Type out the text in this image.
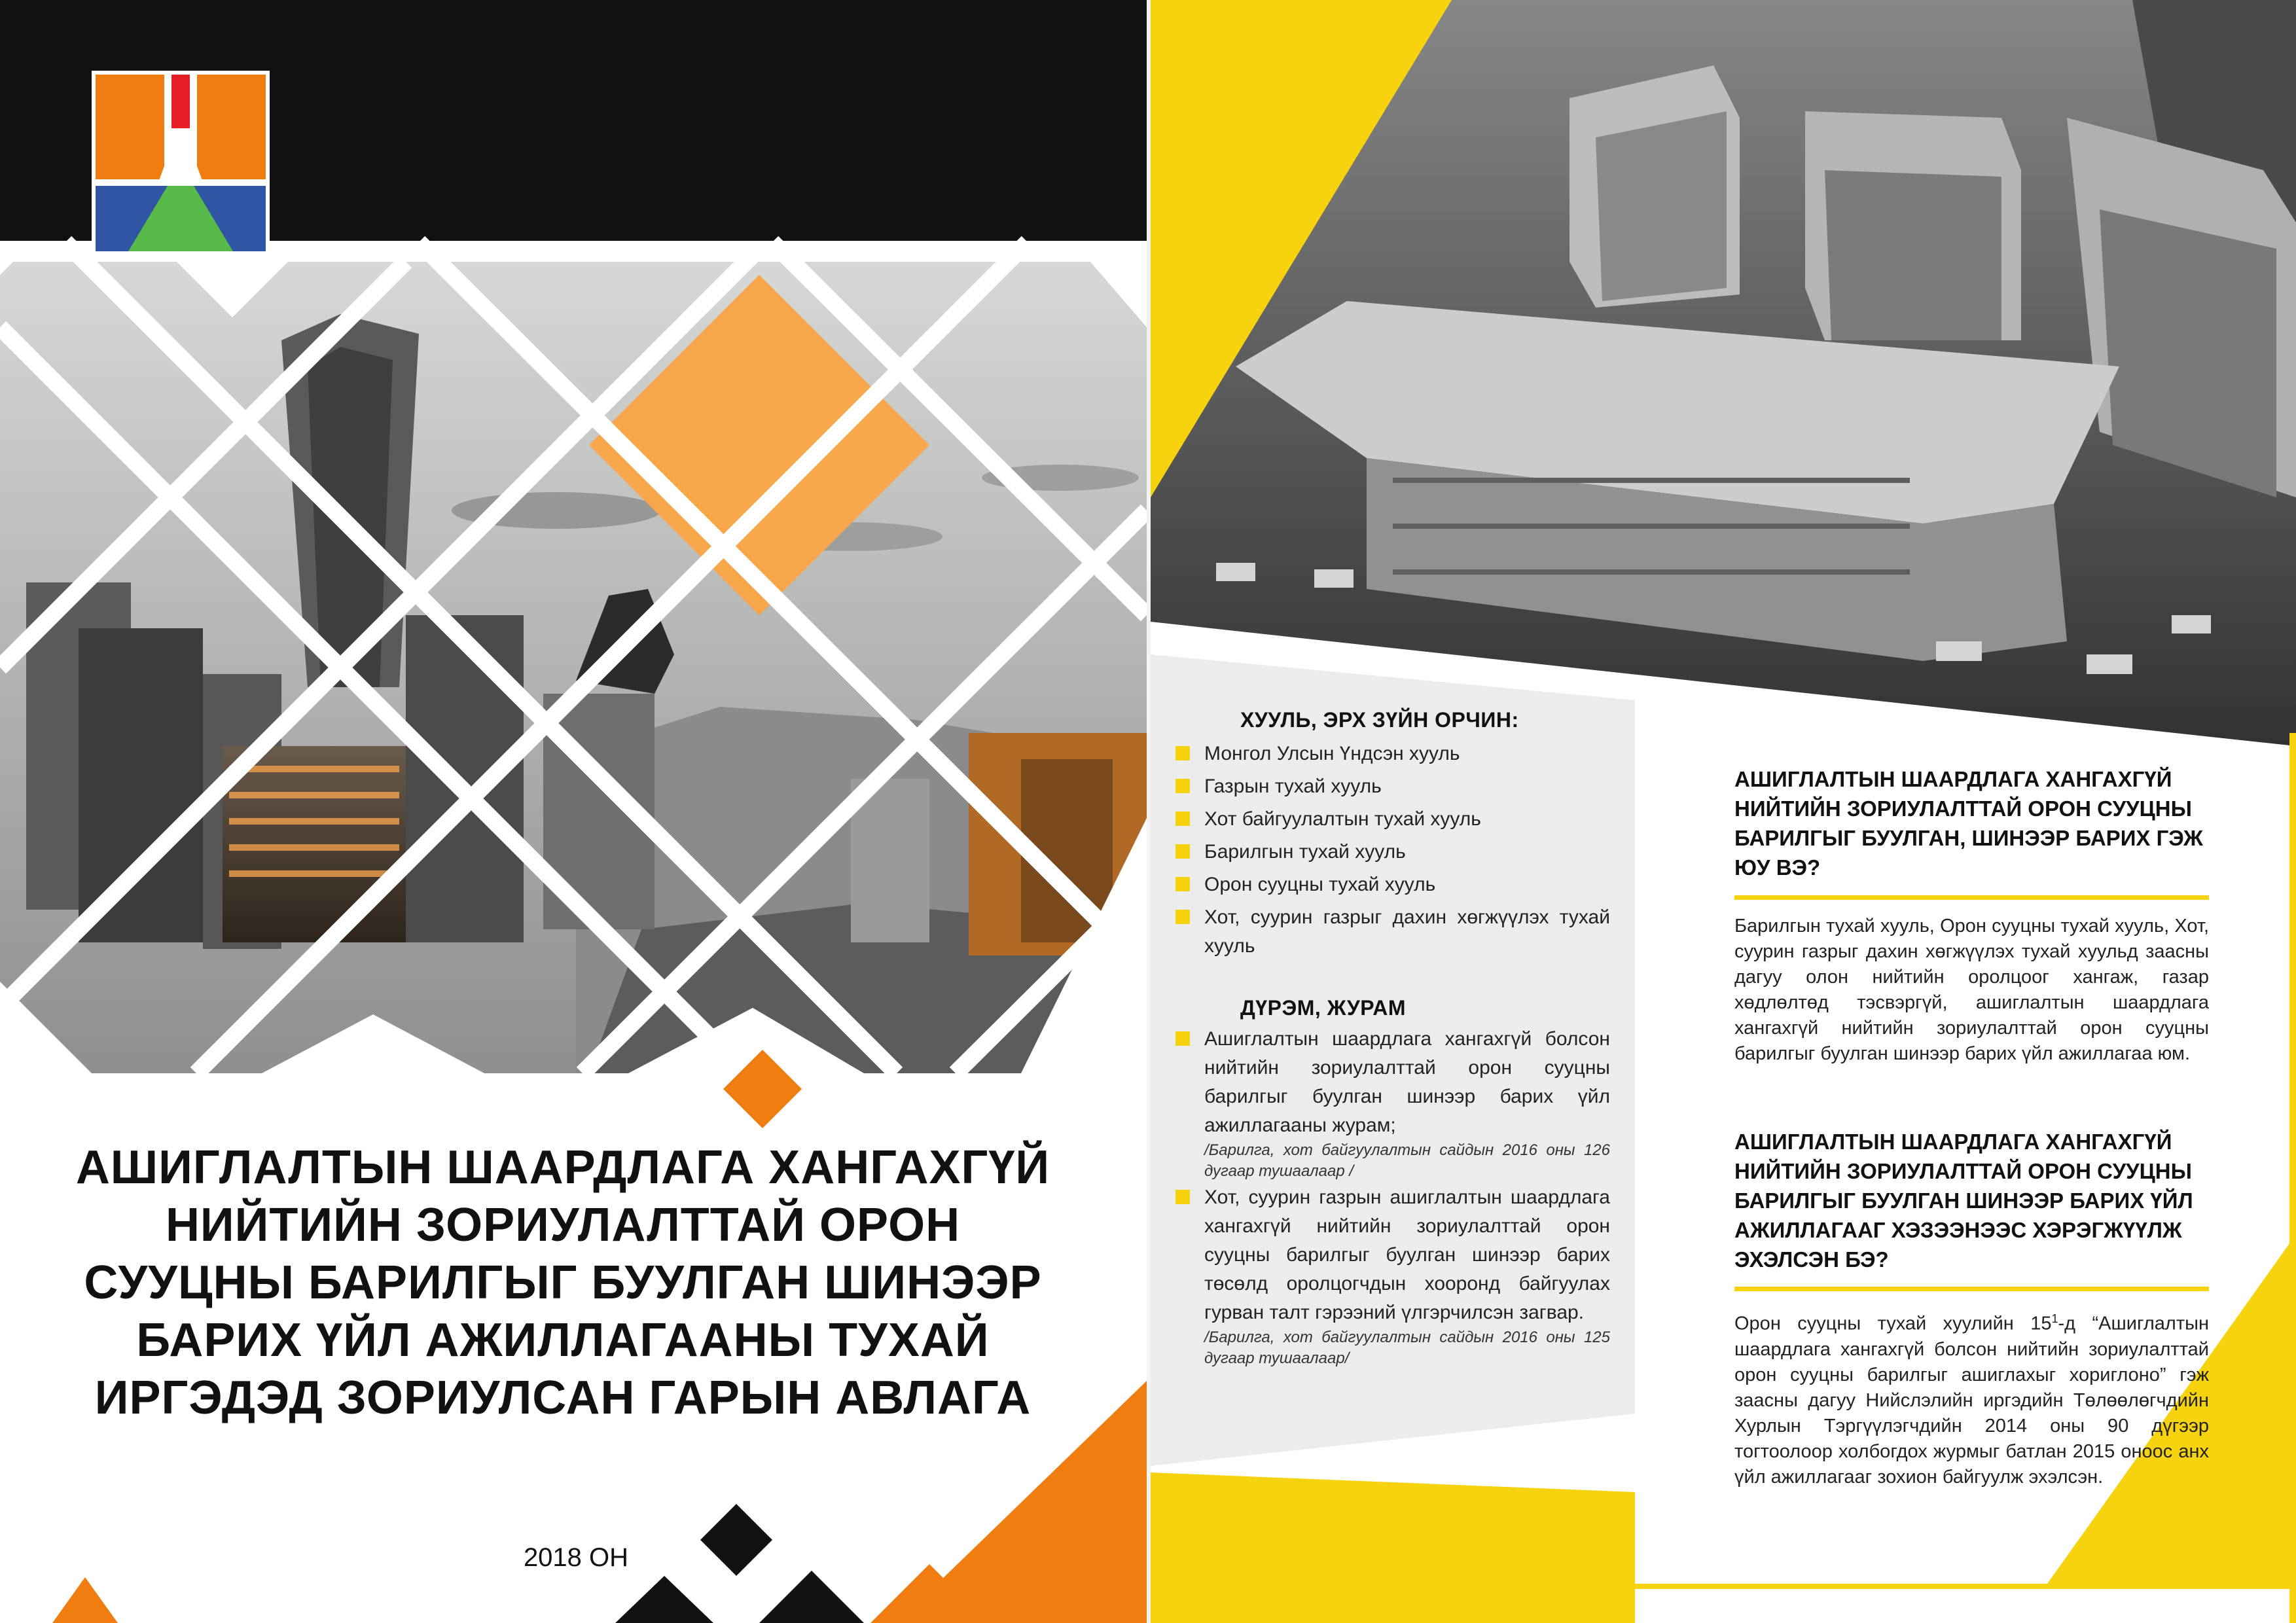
АШИГЛАЛТЫН ШААРДЛАГА ХАНГАХГҮЙ
НИЙТИЙН ЗОРИУЛАЛТТАЙ ОРОН
СУУЦНЫ БАРИЛГЫГ БУУЛГАН ШИНЭЭР
БАРИХ ҮЙЛ АЖИЛЛАГААНЫ ТУХАЙ
ИРГЭДЭД ЗОРИУЛСАН ГАРЫН АВЛАГА
2018 ОН
ХУУЛЬ, ЭРХ ЗҮЙН ОРЧИН:
Монгол Улсын Үндсэн хууль
Газрын тухай хууль
Хот байгуулалтын тухай хууль
Барилгын тухай хууль
Орон сууцны тухай хууль
Хот, суурин газрыг дахин хөгжүүлэх тухай хууль
ДҮРЭМ, ЖУРАМ
Ашиглалтын шаардлага хангахгүй болсон нийтийн зориулалттай орон сууцны барилгыг буулган шинээр барих үйл ажиллагааны журам;
/Барилга, хот байгуулалтын сайдын 2016 оны 126 дугаар тушаалаар /
Хот, суурин газрын ашиглалтын шаардлага хангахгүй нийтийн зориулалттай орон сууцны барилгыг буулган шинээр барих төсөлд оролцогчдын хооронд байгуулах гурван талт гэрээний үлгэрчилсэн загвар.
/Барилга, хот байгуулалтын сайдын 2016 оны 125 дугаар тушаалаар/
АШИГЛАЛТЫН ШААРДЛАГА ХАНГАХГҮЙ НИЙТИЙН ЗОРИУЛАЛТТАЙ ОРОН СУУЦНЫ БАРИЛГЫГ БУУЛГАН, ШИНЭЭР БАРИХ ГЭЖ ЮУ ВЭ?
Барилгын тухай хууль, Орон сууцны тухай хууль, Хот, суурин газрыг дахин хөгжүүлэх тухай хуульд заасны дагуу олон нийтийн оролцоог хангаж, газар хөдлөлтөд тэсвэргүй, ашиглалтын шаардлага хангахгүй нийтийн зориулалттай орон сууцны барилгыг буулган шинээр барих үйл ажиллагаа юм.
АШИГЛАЛТЫН ШААРДЛАГА ХАНГАХГҮЙ НИЙТИЙН ЗОРИУЛАЛТТАЙ ОРОН СУУЦНЫ БАРИЛГЫГ БУУЛГАН ШИНЭЭР БАРИХ ҮЙЛ АЖИЛЛАГААГ ХЭЗЭЭНЭЭС ХЭРЭГЖҮҮЛЖ ЭХЭЛСЭН БЭ?
Орон сууцны тухай хуулийн $15^1-д$ “Ашиглалтын шаардлага хангахгүй болсон нийтийн зориулалттай орон сууцны барилгыг ашиглахыг хориглоно” гэж заасны дагуу Нийслэлийн иргэдийн Төлөөлөгчдийн Хурлын Тэргүүлэгчдийн 2014 оны 90 дүгээр тогтоолоор холбогдох журмыг батлан 2015 оноос анх үйл ажиллагааг зохион байгуулж эхэлсэн.
